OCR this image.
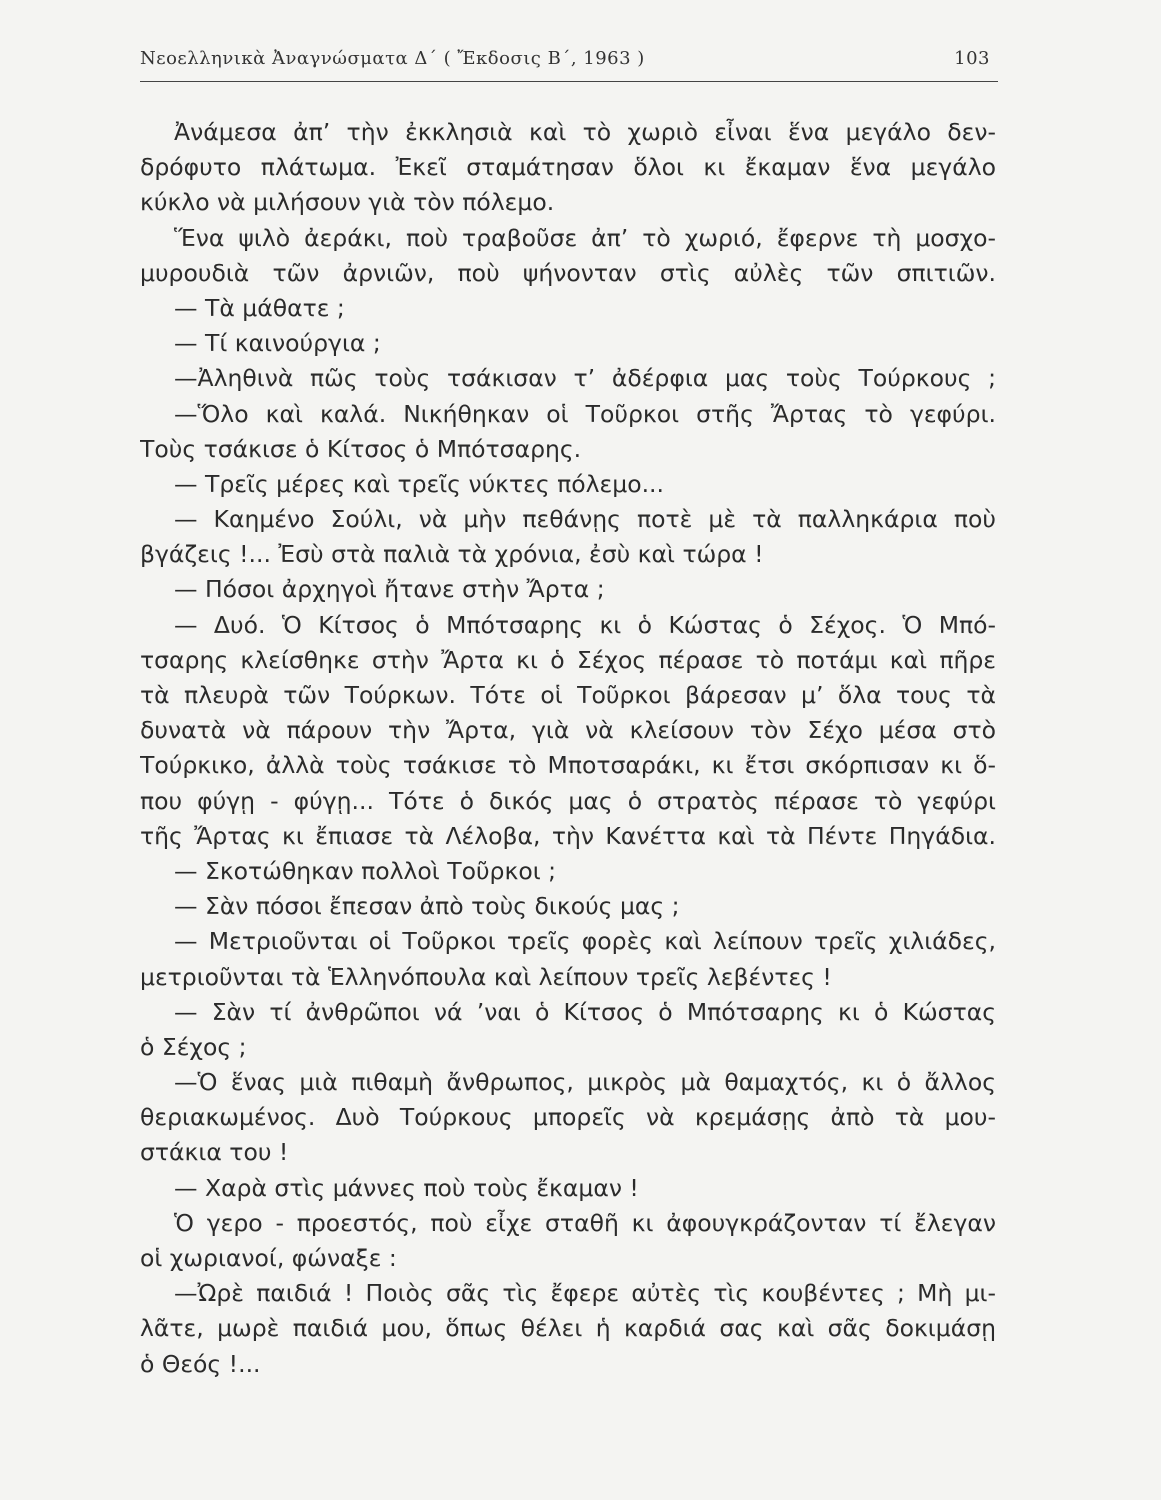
Νεοελληνικὰ Ἀναγνώσματα Δ΄ ( Ἔκδοσις Β΄, 1963 )	103
Ἀνάμεσα ἀπ’ τὴν ἐκκλησιὰ καὶ τὸ χωριὸ εἶναι ἕνα μεγάλο δεν-
δρόφυτο πλάτωμα. Ἐκεῖ σταμάτησαν ὅλοι κι ἔκαμαν ἕνα μεγάλο
κύκλο νὰ μιλήσουν γιὰ τὸν πόλεμο.
Ἕνα ψιλὸ ἀεράκι, ποὺ τραβοῦσε ἀπ’ τὸ χωριό, ἔφερνε τὴ μοσχο-
μυρουδιὰ τῶν ἀρνιῶν, ποὺ ψήνονταν στὶς αὐλὲς τῶν σπιτιῶν.
— Τὰ μάθατε ;
— Τί καινούργια ;
—Ἀληθινὰ πῶς τοὺς τσάκισαν τ’ ἀδέρφια μας τοὺς Τούρκους ;
—Ὅλο καὶ καλά. Νικήθηκαν οἱ Τοῦρκοι στῆς Ἄρτας τὸ γεφύρι.
Τοὺς τσάκισε ὁ Κίτσος ὁ Μπότσαρης.
— Τρεῖς μέρες καὶ τρεῖς νύκτες πόλεμο...
— Καημένο Σούλι, νὰ μὴν πεθάνῃς ποτὲ μὲ τὰ παλληκάρια ποὺ
βγάζεις !... Ἐσὺ στὰ παλιὰ τὰ χρόνια, ἐσὺ καὶ τώρα !
— Πόσοι ἀρχηγοὶ ἤτανε στὴν Ἄρτα ;
— Δυό. Ὁ Κίτσος ὁ Μπότσαρης κι ὁ Κώστας ὁ Σέχος. Ὁ Μπό-
τσαρης κλείσθηκε στὴν Ἄρτα κι ὁ Σέχος πέρασε τὸ ποτάμι καὶ πῆρε
τὰ πλευρὰ τῶν Τούρκων. Τότε οἱ Τοῦρκοι βάρεσαν μ’ ὅλα τους τὰ
δυνατὰ νὰ πάρουν τὴν Ἄρτα, γιὰ νὰ κλείσουν τὸν Σέχο μέσα στὸ
Τούρκικο, ἀλλὰ τοὺς τσάκισε τὸ Μποτσαράκι, κι ἔτσι σκόρπισαν κι ὅ-
που φύγῃ - φύγῃ... Τότε ὁ δικός μας ὁ στρατὸς πέρασε τὸ γεφύρι
τῆς Ἄρτας κι ἔπιασε τὰ Λέλοβα, τὴν Κανέττα καὶ τὰ Πέντε Πηγάδια.
— Σκοτώθηκαν πολλοὶ Τοῦρκοι ;
— Σὰν πόσοι ἔπεσαν ἀπὸ τοὺς δικούς μας ;
— Μετριοῦνται οἱ Τοῦρκοι τρεῖς φορὲς καὶ λείπουν τρεῖς χιλιάδες,
μετριοῦνται τὰ Ἑλληνόπουλα καὶ λείπουν τρεῖς λεβέντες !
— Σὰν τί ἀνθρῶποι νά ’ναι ὁ Κίτσος ὁ Μπότσαρης κι ὁ Κώστας
ὁ Σέχος ;
—Ὁ ἕνας μιὰ πιθαμὴ ἄνθρωπος, μικρὸς μὰ θαμαχτός, κι ὁ ἄλλος
θεριακωμένος. Δυὸ Τούρκους μπορεῖς νὰ κρεμάσῃς ἀπὸ τὰ μου-
στάκια του !
— Χαρὰ στὶς μάννες ποὺ τοὺς ἔκαμαν !
Ὁ γερο - προεστός, ποὺ εἶχε σταθῆ κι ἀφουγκράζονταν τί ἔλεγαν
οἱ χωριανοί, φώναξε :
—Ὠρὲ παιδιά ! Ποιὸς σᾶς τὶς ἔφερε αὐτὲς τὶς κουβέντες ; Μὴ μι-
λᾶτε, μωρὲ παιδιά μου, ὅπως θέλει ἡ καρδιά σας καὶ σᾶς δοκιμάσῃ
ὁ Θεός !...
